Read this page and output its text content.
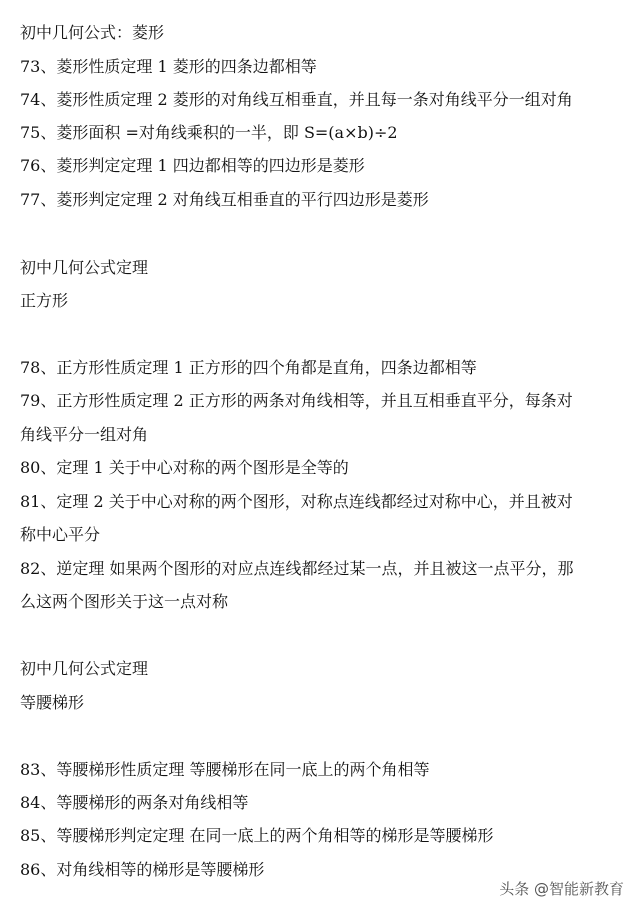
初中几何公式：菱形
73、菱形性质定理 1 菱形的四条边都相等
74、菱形性质定理 2 菱形的对角线互相垂直，并且每一条对角线平分一组对角
75、菱形面积 =对角线乘积的一半，即 S=(a×b)÷2
76、菱形判定定理 1 四边都相等的四边形是菱形
77、菱形判定定理 2 对角线互相垂直的平行四边形是菱形
初中几何公式定理
正方形
78、正方形性质定理 1 正方形的四个角都是直角，四条边都相等
79、正方形性质定理 2 正方形的两条对角线相等，并且互相垂直平分，每条对
角线平分一组对角
80、定理 1 关于中心对称的两个图形是全等的
81、定理 2 关于中心对称的两个图形，对称点连线都经过对称中心，并且被对
称中心平分
82、逆定理 如果两个图形的对应点连线都经过某一点，并且被这一点平分，那
么这两个图形关于这一点对称
初中几何公式定理
等腰梯形
83、等腰梯形性质定理 等腰梯形在同一底上的两个角相等
84、等腰梯形的两条对角线相等
85、等腰梯形判定定理 在同一底上的两个角相等的梯形是等腰梯形
86、对角线相等的梯形是等腰梯形
头条 @智能新教育
